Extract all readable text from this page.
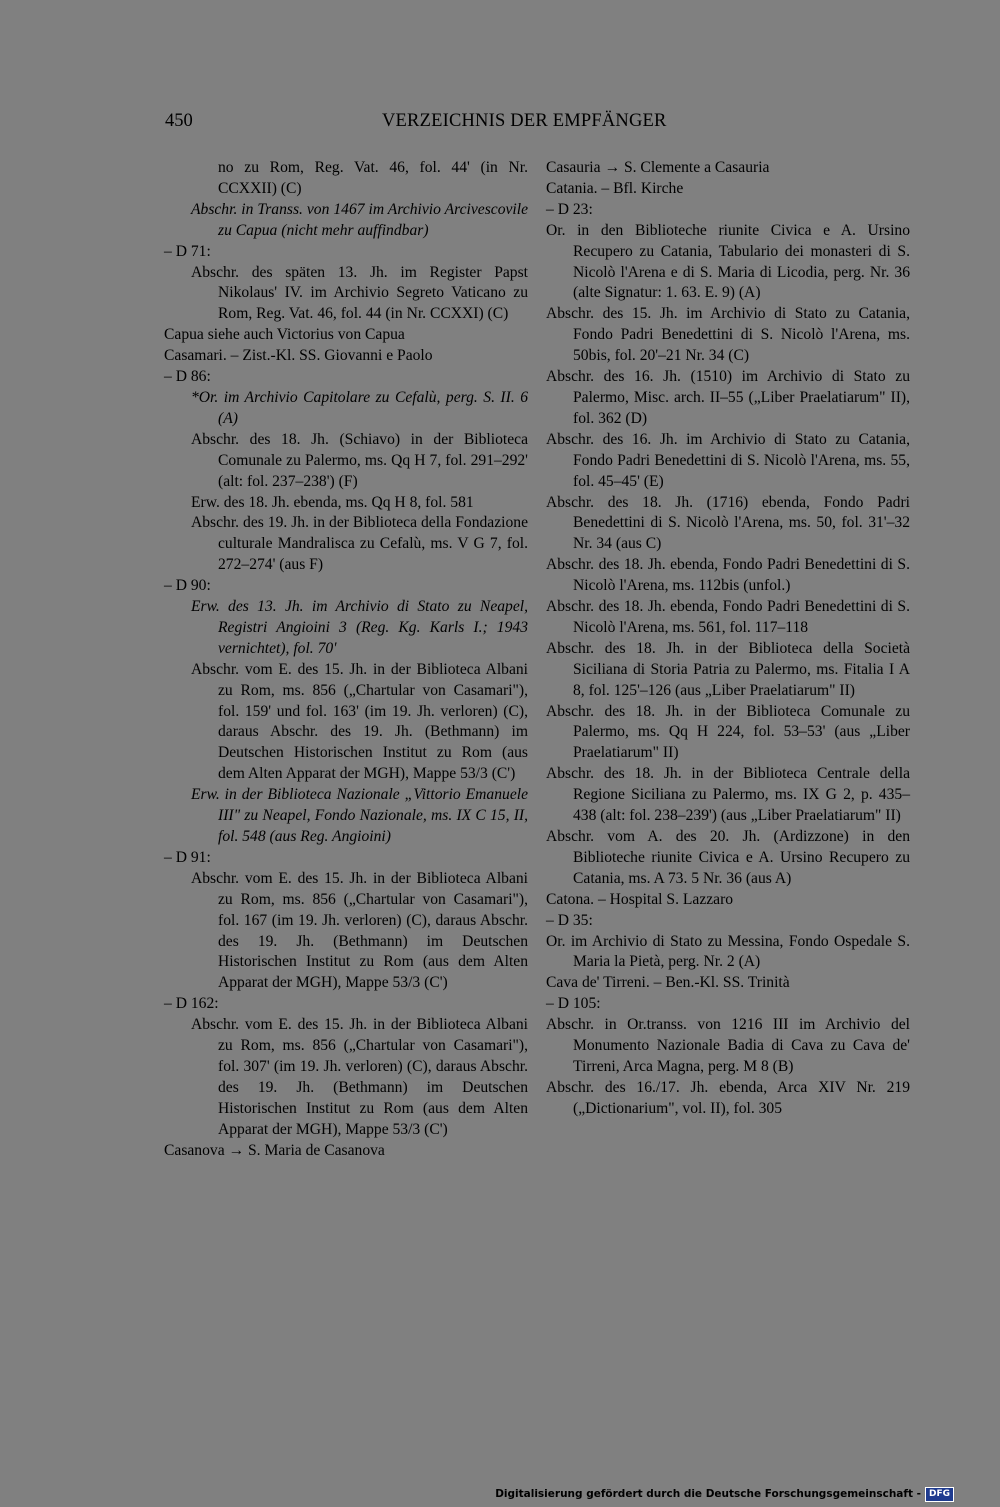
450	VERZEICHNIS DER EMPFÄNGER
no zu Rom, Reg. Vat. 46, fol. 44' (in Nr. CCXXII) (C)
Abschr. in Transs. von 1467 im Archivio Arcivescovile zu Capua (nicht mehr auffindbar)
– D 71:
Abschr. des späten 13. Jh. im Register Papst Nikolaus' IV. im Archivio Segreto Vaticano zu Rom, Reg. Vat. 46, fol. 44 (in Nr. CCXXI) (C)
Capua siehe auch Victorius von Capua
Casamari. – Zist.-Kl. SS. Giovanni e Paolo
– D 86:
*Or. im Archivio Capitolare zu Cefalù, perg. S. II. 6 (A)
Abschr. des 18. Jh. (Schiavo) in der Biblioteca Comunale zu Palermo, ms. Qq H 7, fol. 291–292' (alt: fol. 237–238') (F)
Erw. des 18. Jh. ebenda, ms. Qq H 8, fol. 581
Abschr. des 19. Jh. in der Biblioteca della Fondazione culturale Mandralisca zu Cefalù, ms. V G 7, fol. 272–274' (aus F)
– D 90:
Erw. des 13. Jh. im Archivio di Stato zu Neapel, Registri Angioini 3 (Reg. Kg. Karls I.; 1943 vernichtet), fol. 70'
Abschr. vom E. des 15. Jh. in der Biblioteca Albani zu Rom, ms. 856 („Chartular von Casamari"), fol. 159' und fol. 163' (im 19. Jh. verloren) (C), daraus Abschr. des 19. Jh. (Bethmann) im Deutschen Historischen Institut zu Rom (aus dem Alten Apparat der MGH), Mappe 53/3 (C')
Erw. in der Biblioteca Nazionale „Vittorio Emanuele III" zu Neapel, Fondo Nazionale, ms. IX C 15, II, fol. 548 (aus Reg. Angioini)
– D 91:
Abschr. vom E. des 15. Jh. in der Biblioteca Albani zu Rom, ms. 856 („Chartular von Casamari"), fol. 167 (im 19. Jh. verloren) (C), daraus Abschr. des 19. Jh. (Bethmann) im Deutschen Historischen Institut zu Rom (aus dem Alten Apparat der MGH), Mappe 53/3 (C')
– D 162:
Abschr. vom E. des 15. Jh. in der Biblioteca Albani zu Rom, ms. 856 („Chartular von Casamari"), fol. 307' (im 19. Jh. verloren) (C), daraus Abschr. des 19. Jh. (Bethmann) im Deutschen Historischen Institut zu Rom (aus dem Alten Apparat der MGH), Mappe 53/3 (C')
Casanova → S. Maria de Casanova
Casauria → S. Clemente a Casauria
Catania. – Bfl. Kirche
– D 23:
Or. in den Biblioteche riunite Civica e A. Ursino Recupero zu Catania, Tabulario dei monasteri di S. Nicolò l'Arena e di S. Maria di Licodia, perg. Nr. 36 (alte Signatur: 1. 63. E. 9) (A)
Abschr. des 15. Jh. im Archivio di Stato zu Catania, Fondo Padri Benedettini di S. Nicolò l'Arena, ms. 50bis, fol. 20'–21 Nr. 34 (C)
Abschr. des 16. Jh. (1510) im Archivio di Stato zu Palermo, Misc. arch. II–55 („Liber Praelatiarum" II), fol. 362 (D)
Abschr. des 16. Jh. im Archivio di Stato zu Catania, Fondo Padri Benedettini di S. Nicolò l'Arena, ms. 55, fol. 45–45' (E)
Abschr. des 18. Jh. (1716) ebenda, Fondo Padri Benedettini di S. Nicolò l'Arena, ms. 50, fol. 31'–32 Nr. 34 (aus C)
Abschr. des 18. Jh. ebenda, Fondo Padri Benedettini di S. Nicolò l'Arena, ms. 112bis (unfol.)
Abschr. des 18. Jh. ebenda, Fondo Padri Benedettini di S. Nicolò l'Arena, ms. 561, fol. 117–118
Abschr. des 18. Jh. in der Biblioteca della Società Siciliana di Storia Patria zu Palermo, ms. Fitalia I A 8, fol. 125'–126 (aus „Liber Praelatiarum" II)
Abschr. des 18. Jh. in der Biblioteca Comunale zu Palermo, ms. Qq H 224, fol. 53–53' (aus „Liber Praelatiarum" II)
Abschr. des 18. Jh. in der Biblioteca Centrale della Regione Siciliana zu Palermo, ms. IX G 2, p. 435–438 (alt: fol. 238–239') (aus „Liber Praelatiarum" II)
Abschr. vom A. des 20. Jh. (Ardizzone) in den Biblioteche riunite Civica e A. Ursino Recupero zu Catania, ms. A 73. 5 Nr. 36 (aus A)
Catona. – Hospital S. Lazzaro
– D 35:
Or. im Archivio di Stato zu Messina, Fondo Ospedale S. Maria la Pietà, perg. Nr. 2 (A)
Cava de' Tirreni. – Ben.-Kl. SS. Trinità
– D 105:
Abschr. in Or.transs. von 1216 III im Archivio del Monumento Nazionale Badia di Cava zu Cava de' Tirreni, Arca Magna, perg. M 8 (B)
Abschr. des 16./17. Jh. ebenda, Arca XIV Nr. 219 („Dictionarium", vol. II), fol. 305
Digitalisierung gefördert durch die Deutsche Forschungsgemeinschaft - DFG
